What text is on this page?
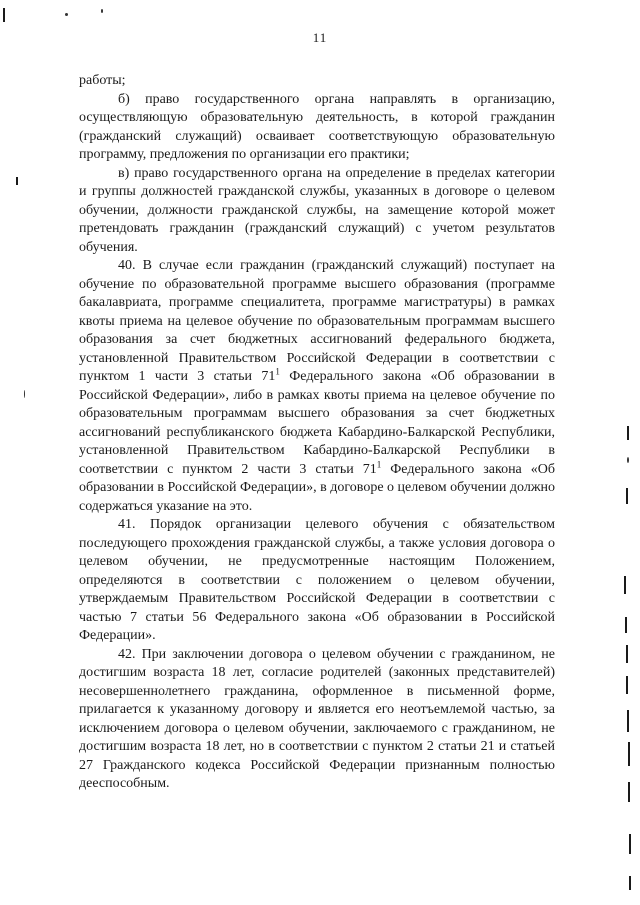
11

работы;

б) право государственного органа направлять в организацию, осуществляющую образовательную деятельность, в которой гражданин (гражданский служащий) осваивает соответствующую образовательную программу, предложения по организации его практики;

в) право государственного органа на определение в пределах категории и группы должностей гражданской службы, указанных в договоре о целевом обучении, должности гражданской службы, на замещение которой может претендовать гражданин (гражданский служащий) с учетом результатов обучения.

40. В случае если гражданин (гражданский служащий) поступает на обучение по образовательной программе высшего образования (программе бакалавриата, программе специалитета, программе магистратуры) в рамках квоты приема на целевое обучение по образовательным программам высшего образования за счет бюджетных ассигнований федерального бюджета, установленной Правительством Российской Федерации в соответствии с пунктом 1 части 3 статьи $71^1$ Федерального закона «Об образовании в Российской Федерации», либо в рамках квоты приема на целевое обучение по образовательным программам высшего образования за счет бюджетных ассигнований республиканского бюджета Кабардино-Балкарской Республики, установленной Правительством Кабардино-Балкарской Республики в соответствии с пунктом 2 части 3 статьи $71^1$ Федерального закона «Об образовании в Российской Федерации», в договоре о целевом обучении должно содержаться указание на это.

41. Порядок организации целевого обучения с обязательством последующего прохождения гражданской службы, а также условия договора о целевом обучении, не предусмотренные настоящим Положением, определяются в соответствии с положением о целевом обучении, утверждаемым Правительством Российской Федерации в соответствии с частью 7 статьи 56 Федерального закона «Об образовании в Российской Федерации».

42. При заключении договора о целевом обучении с гражданином, не достигшим возраста 18 лет, согласие родителей (законных представителей) несовершеннолетнего гражданина, оформленное в письменной форме, прилагается к указанному договору и является его неотъемлемой частью, за исключением договора о целевом обучении, заключаемого с гражданином, не достигшим возраста 18 лет, но в соответствии с пунктом 2 статьи 21 и статьей 27 Гражданского кодекса Российской Федерации признанным полностью дееспособным.
